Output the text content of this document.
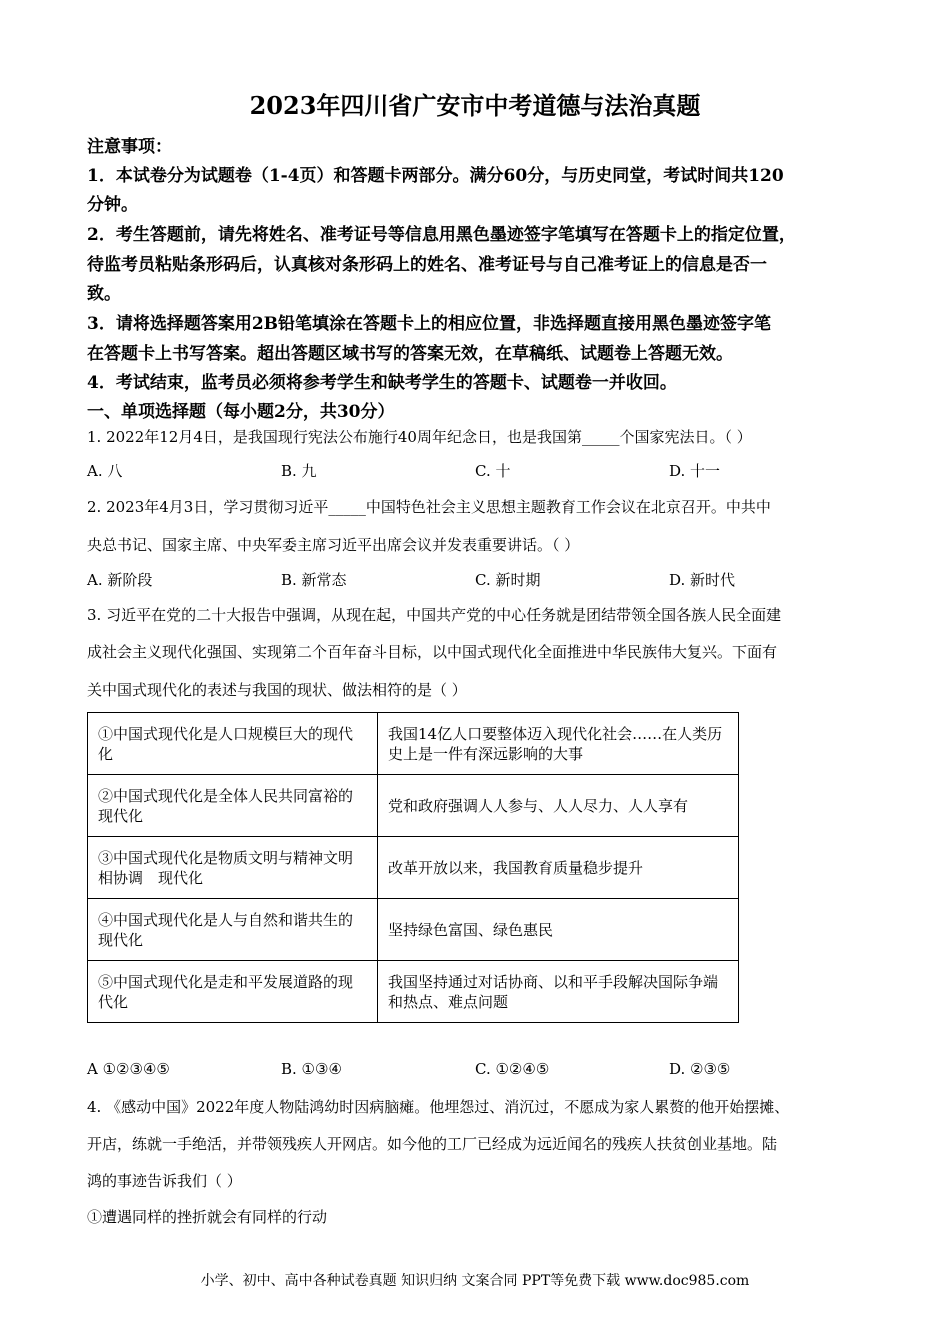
2023年四川省广安市中考道德与法治真题
注意事项：
1．本试卷分为试题卷（1-4页）和答题卡两部分。满分60分，与历史同堂，考试时间共120
分钟。
2．考生答题前，请先将姓名、准考证号等信息用黑色墨迹签字笔填写在答题卡上的指定位置，
待监考员粘贴条形码后，认真核对条形码上的姓名、准考证号与自己准考证上的信息是否一
致。
3．请将选择题答案用2B铅笔填涂在答题卡上的相应位置，非选择题直接用黑色墨迹签字笔
在答题卡上书写答案。超出答题区域书写的答案无效，在草稿纸、试题卷上答题无效。
4．考试结束，监考员必须将参考学生和缺考学生的答题卡、试题卷一并收回。
一、单项选择题（每小题2分，共30分）
1. 2022年12月4日，是我国现行宪法公布施行40周年纪念日，也是我国第_____个国家宪法日。（ ）
A. 八	B. 九	C. 十	D. 十一
2. 2023年4月3日，学习贯彻习近平_____中国特色社会主义思想主题教育工作会议在北京召开。中共中
央总书记、国家主席、中央军委主席习近平出席会议并发表重要讲话。（ ）
A. 新阶段	B. 新常态	C. 新时期	D. 新时代
3. 习近平在党的二十大报告中强调，从现在起，中国共产党的中心任务就是团结带领全国各族人民全面建
成社会主义现代化强国、实现第二个百年奋斗目标，以中国式现代化全面推进中华民族伟大复兴。下面有
关中国式现代化的表述与我国的现状、做法相符的是（ ）
①中国式现代化是人口规模巨大的现代化	我国14亿人口要整体迈入现代化社会……在人类历史上是一件有深远影响的大事
②中国式现代化是全体人民共同富裕的现代化	党和政府强调人人参与、人人尽力、人人享有
③中国式现代化是物质文明与精神文明相协调　现代化	改革开放以来，我国教育质量稳步提升
④中国式现代化是人与自然和谐共生的现代化	坚持绿色富国、绿色惠民
⑤中国式现代化是走和平发展道路的现代化	我国坚持通过对话协商、以和平手段解决国际争端和热点、难点问题
A ①②③④⑤	B. ①③④	C. ①②④⑤	D. ②③⑤
4. 《感动中国》2022年度人物陆鸿幼时因病脑瘫。他埋怨过、消沉过，不愿成为家人累赘的他开始摆摊、
开店，练就一手绝活，并带领残疾人开网店。如今他的工厂已经成为远近闻名的残疾人扶贫创业基地。陆
鸿的事迹告诉我们（ ）
①遭遇同样的挫折就会有同样的行动
小学、初中、高中各种试卷真题 知识归纳 文案合同 PPT等免费下载 www.doc985.com
